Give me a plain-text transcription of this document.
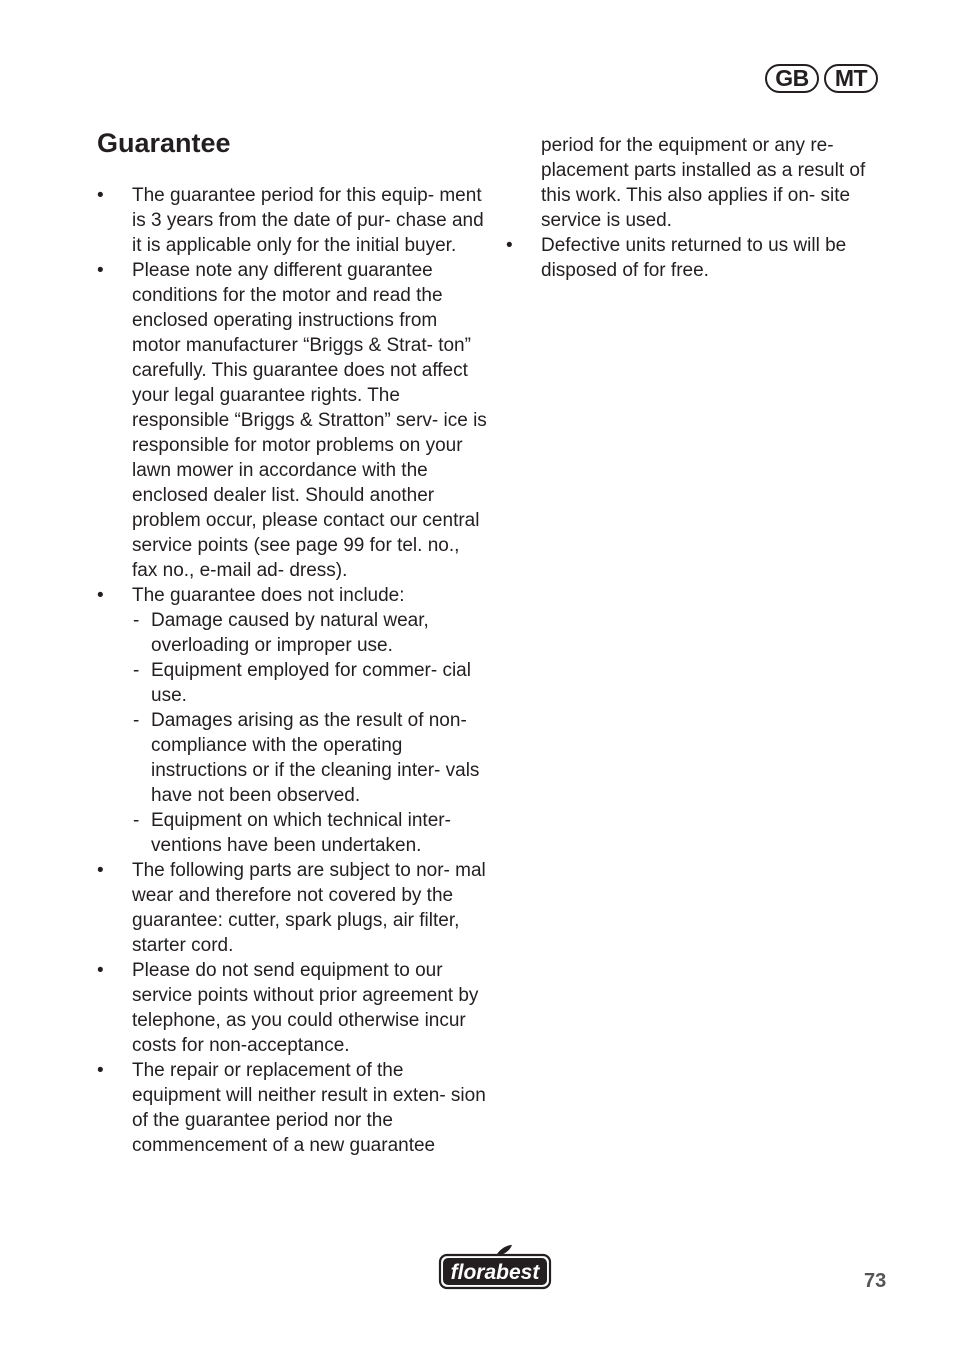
GB	MT
Guarantee
• The guarantee period for this equip- ment is 3 years from the date of pur- chase and it is applicable only for the initial buyer.
• Please note any different guarantee conditions for the motor and read the enclosed operating instructions from motor manufacturer “Briggs & Strat- ton” carefully. This guarantee does not affect your legal guarantee rights. The responsible “Briggs & Stratton” serv- ice is responsible for motor problems on your lawn mower in accordance with the enclosed dealer list. Should another problem occur, please contact our central service points (see page 99 for tel. no., fax no., e-mail ad- dress).
• The guarantee does not include:
- Damage caused by natural wear, overloading or improper use.
- Equipment employed for commer- cial use.
- Damages arising as the result of non-compliance with the operating instructions or if the cleaning inter- vals have not been observed.
- Equipment on which technical inter- ventions have been undertaken.
• The following parts are subject to nor- mal wear and therefore not covered by the guarantee: cutter, spark plugs, air filter, starter cord.
• Please do not send equipment to our service points without prior agreement by telephone, as you could otherwise incur costs for non-acceptance.
• The repair or replacement of the equipment will neither result in exten- sion of the guarantee period nor the commencement of a new guarantee

period for the equipment or any re- placement parts installed as a result of this work. This also applies if on- site service is used.

• Defective units returned to us will be disposed of for free.
florabest	73
